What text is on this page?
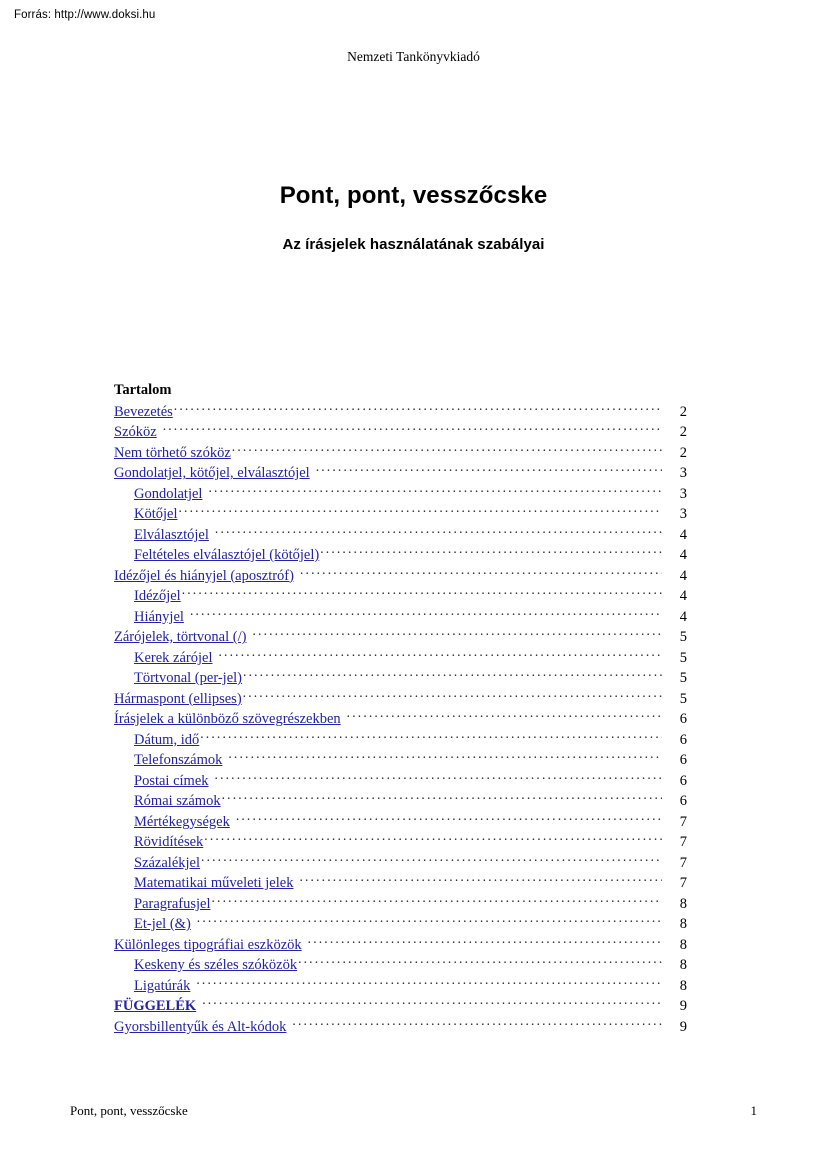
Forrás: http://www.doksi.hu
Nemzeti Tankönyvkiadó
Pont, pont, vesszőcske
Az írásjelek használatának szabályai
Tartalom
Bevezetés . . .	2
Szóköz . . .	2
Nem törhető szóköz . . .	2
Gondolatjel, kötőjel, elválasztójel . . .	3
Gondolatjel . . .	3
Kötőjel . . .	3
Elválasztójel . . .	4
Feltételes elválasztójel (kötőjel) . . .	4
Idézőjel és hiányjel (aposztróf) . . .	4
Idézőjel . . .	4
Hiányjel . . .	4
Zárójelek, törtvonal (/) . . .	5
Kerek zárójel . . .	5
Törtvonal (per-jel) . . .	5
Hármaspont (ellipses) . . .	5
Írásjelek a különböző szövegrészekben . . .	6
Dátum, idő . . .	6
Telefonszámok . . .	6
Postai címek . . .	6
Római számok . . .	6
Mértékegységek . . .	7
Rövidítések . . .	7
Százalékjel . . .	7
Matematikai műveleti jelek . . .	7
Paragrafusjel . . .	8
Et-jel (&) . . .	8
Különleges tipográfiai eszközök . . .	8
Keskeny és széles szóközök . . .	8
Ligatúrák . . .	8
FÜGGELÉK . . .	9
Gyorsbillentyűk és Alt-kódok . . .	9
Pont, pont, vesszőcske	1
